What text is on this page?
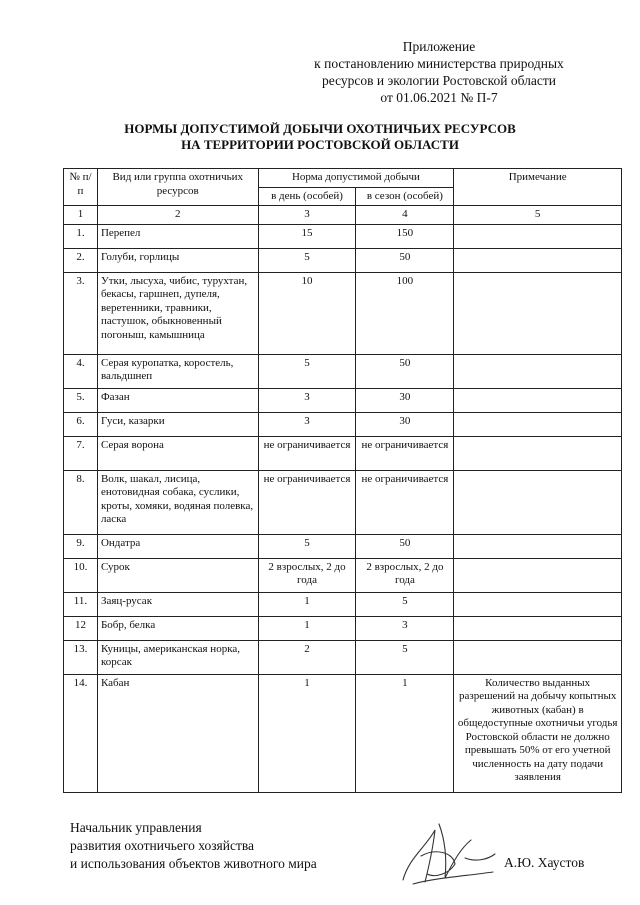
Приложение
к постановлению министерства природных
ресурсов и экологии Ростовской области
от 01.06.2021 № П-7
НОРМЫ ДОПУСТИМОЙ ДОБЫЧИ ОХОТНИЧЬИХ РЕСУРСОВ
НА ТЕРРИТОРИИ РОСТОВСКОЙ ОБЛАСТИ
№ п/п	Вид или группа охотничьих ресурсов	Норма допустимой добычи		Примечание
		в день (особей)	в сезон (особей)	
1	2	3	4	5
1.	Перепел	15	150	
2.	Голуби, горлицы	5	50	
3.	Утки, лысуха, чибис, турухтан, бекасы, гаршнеп, дупеля, веретенники, травники, пастушок, обыкновенный погоныш, камышница	10	100	
4.	Серая куропатка, коростель, вальдшнеп	5	50	
5.	Фазан	3	30	
6.	Гуси, казарки	3	30	
7.	Серая ворона	не ограничивается	не ограничивается	
8.	Волк, шакал, лисица, енотовидная собака, суслики, кроты, хомяки, водяная полевка, ласка	не ограничивается	не ограничивается	
9.	Ондатра	5	50	
10.	Сурок	2 взрослых, 2 до года	2 взрослых, 2 до года	
11.	Заяц-русак	1	5	
12	Бобр, белка	1	3	
13.	Куницы, американская норка, корсак	2	5	
14.	Кабан	1	1	Количество выданных разрешений на добычу копытных животных (кабан) в общедоступные охотничьи угодья Ростовской области не должно превышать 50% от его учетной численность на дату подачи заявления
Начальник управления
развития охотничьего хозяйства
и использования объектов животного мира	А.Ю. Хаустов
